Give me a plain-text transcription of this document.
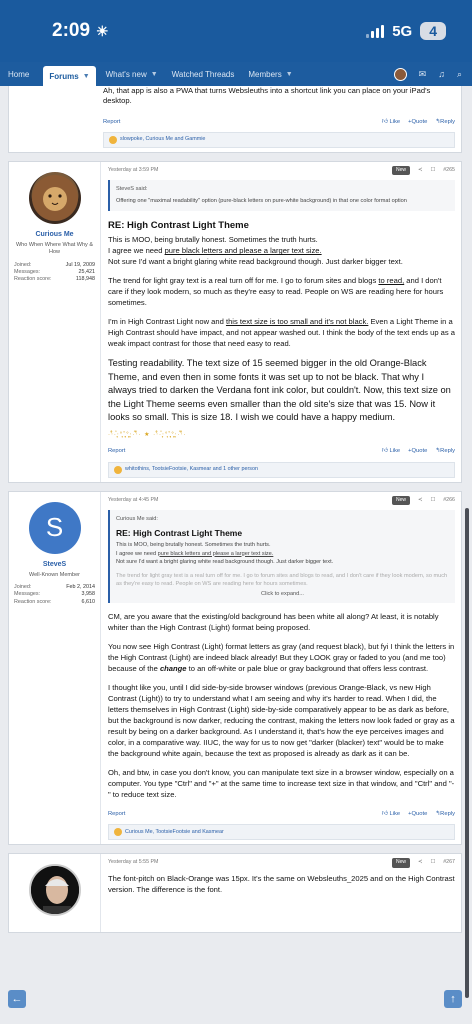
2:09 ☀	5G	4
Home	Forums ▼ What's new ▼ Watched Threads Members ▼	✉ ♫ ⌕
Ah, that app is also a PWA that turns Websleuths into a shortcut link you can place on your iPad's desktop.
Report	👍︎ Like +Quote ↰Reply
slowpoke, Curious Me and Gammie
Curious Me
Who When Where What Why & How
Joined:	Jul 19, 2009
Messages:	25,421
Reaction score:	118,948
Yesterday at 3:59 PM	New	≺ ☐ #265
SteveS said:
Offering one "maximal readability" option (pure-black letters on pure-white background) in that one color format option
RE: High Contrast Light Theme
This is MOO, being brutally honest. Sometimes the truth hurts.
I agree we need pure black letters and please a larger text size.

Not sure I'd want a bright glaring white read background though. Just darker bigger text.

The trend for light gray text is a real turn off for me. I go to forum sites and blogs to read, and I don't care if they look modern, so much as they're easy to read. People on WS are reading here for hours sometimes.

I'm in High Contrast Light now and this text size is too small and it's not black. Even a Light Theme in a High Contrast should have impact, and not appear washed out. I think the body of the text ends up as a weak impact contrast for those that need easy to read.

Testing readability. The text size of 15 seemed bigger in the old Orange-Black Theme, and even then in some fonts it was set up to not be black. That why I always tried to darken the Verdana font ink color, but couldn't. Now, this text size on the Light Theme seems even smaller than the old site's size that was 15. Now it looks so small. This is size 18. I wish we could have a happy medium.
·‧̍̊·̊‧̥°̩̥˚̩̩̥͙°̩̥‧̥·̊‧̍̊· ★ ·‧̍̊·̊‧̥°̩̥˚̩̩̥͙°̩̥‧̥·̊‧̍̊·
Report	👍︎ Like +Quote ↰Reply
whitothins, TootsieFootsie, Kasmear and 1 other person
S
SteveS
Well-Known Member
Joined:	Feb 2, 2014
Messages:	3,958
Reaction score:	6,610
Yesterday at 4:45 PM	New	≺ ☐ #266
Curious Me said:
RE: High Contrast Light Theme
This is MOO, being brutally honest. Sometimes the truth hurts.
I agree we need pure black letters and please a larger text size.
Not sure I'd want a bright glaring white read background though. Just darker bigger text.
The trend for light gray text is a real turn off for me. I go to forum sites and blogs to read, and I don't care if they look modern, so much as they're easy to read. People on WS are reading here for hours sometimes.
Click to expand...

CM, are you aware that the existing/old background has been white all along? At least, it is notably whiter than the High Contrast (Light) format being proposed.

You now see High Contrast (Light) format letters as gray (and request black), but fyi I think the letters in the High Contrast (Light) are indeed black already! But they LOOK gray or faded to you (and me too) because of the change to an off-white or pale blue or gray background that offers less contrast.

I thought like you, until I did side-by-side browser windows (previous Orange-Black, vs new High Contrast (Light)) to try to understand what I am seeing and why it's harder to read. When I did, the letters themselves in High Contrast (Light) side-by-side comparatively appear to be as dark as before, but the background is now darker, reducing the contrast, making the letters now look faded or gray as a result by being on a darker background. As I understand it, that's how the eye perceives images and color, in a comparative way. IIUC, the way for us to now get "darker (blacker) text" would be to make the background white again, because the text as proposed is already as dark as it can be.

Oh, and btw, in case you don't know, you can manipulate text size in a browser window, especially on a computer. You type "Ctrl" and "+" at the same time to increase text size in that window, and "Ctrl" and "-" to reduce text size.

Report	👍︎ Like +Quote ↰Reply
Curious Me, TootsieFootsie and Kasmear
Yesterday at 5:55 PM	New	≺ ☐ #267

The font-pitch on Black-Orange was 15px. It's the same on Websleuths_2025 and on the High Contrast version. The difference is the font.

←	↑
